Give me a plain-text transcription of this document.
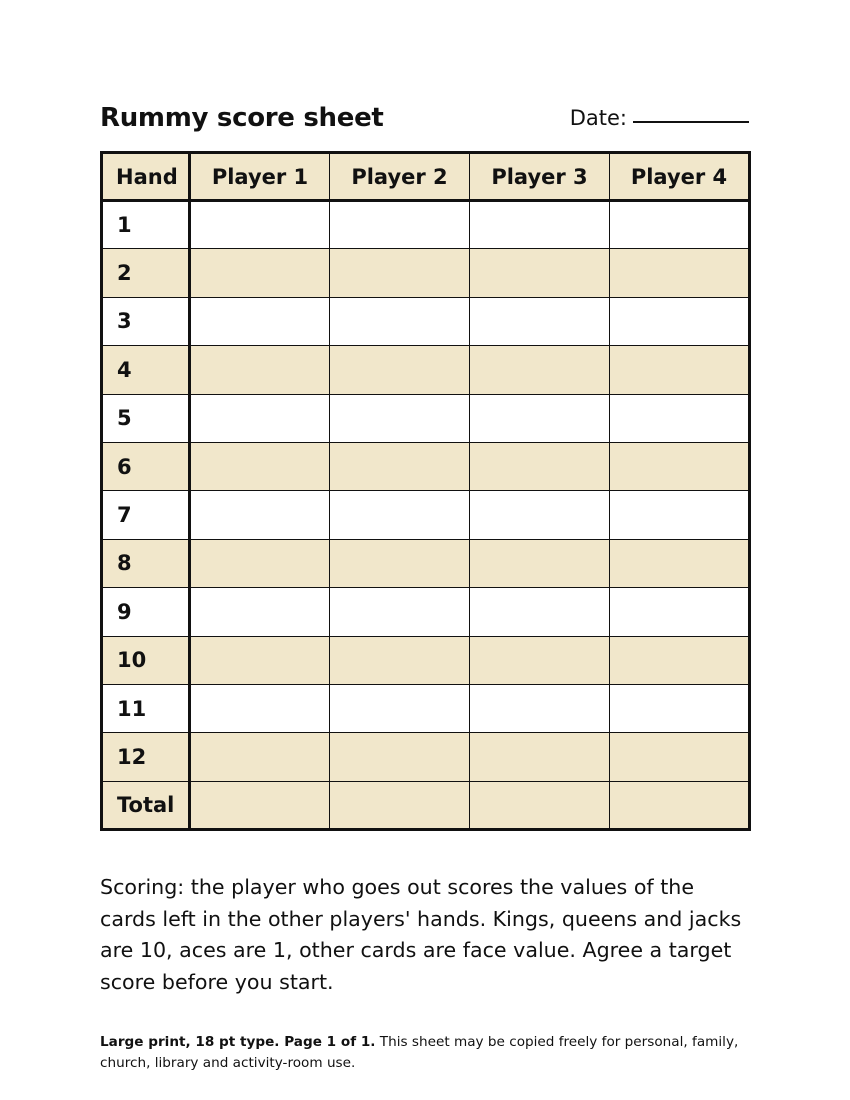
Rummy score sheet	Date:
Hand	Player 1	Player 2	Player 3	Player 4
1				
2				
3				
4				
5				
6				
7				
8				
9				
10				
11				
12				
Total				

Scoring: the player who goes out scores the values of the cards left in the other players' hands. Kings, queens and jacks are 10, aces are 1, other cards are face value. Agree a target score before you start.

Large print, 18 pt type. Page 1 of 1. This sheet may be copied freely for personal, family, church, library and activity-room use.
